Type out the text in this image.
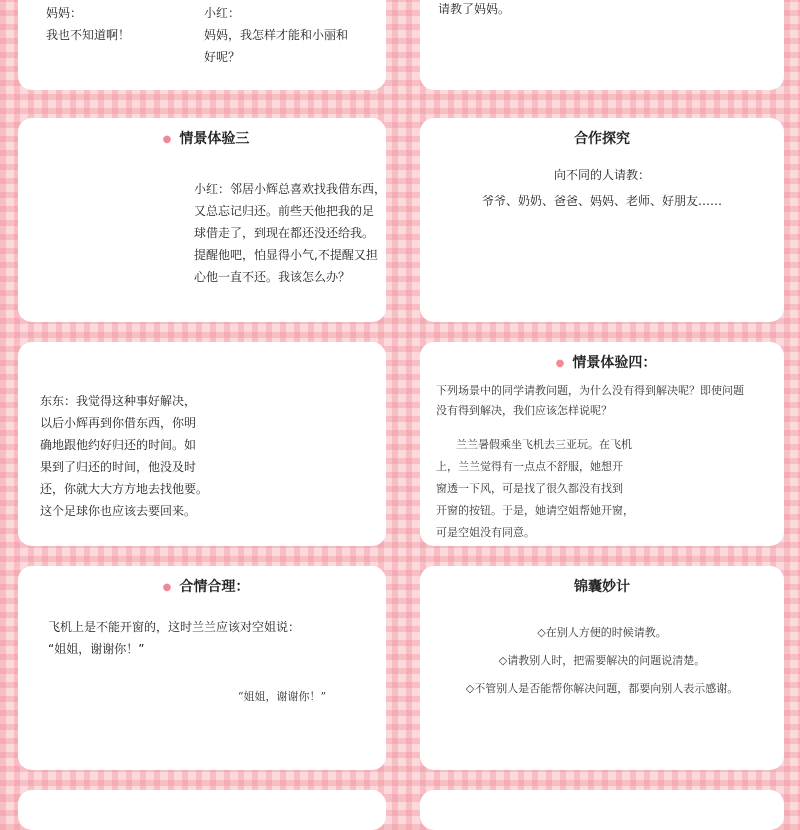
妈妈：
我也不知道啊！
小红：
妈妈，我怎样才能和小丽和
好呢？
请教了妈妈。
● 情景体验三
小红：邻居小辉总喜欢找我借东西，
又总忘记归还。前些天他把我的足
球借走了，到现在都还没还给我。
提醒他吧，怕显得小气,不提醒又担
心他一直不还。我该怎么办？
合作探究
向不同的人请教：
爷爷、奶奶、爸爸、妈妈、老师、好朋友……
东东：我觉得这种事好解决，
以后小辉再到你借东西，你明
确地跟他约好归还的时间。如
果到了归还的时间，他没及时
还，你就大大方方地去找他要。
这个足球你也应该去要回来。
● 情景体验四：
下列场景中的同学请教问题，为什么没有得到解决呢？即使问题
没有得到解决，我们应该怎样说呢？
兰兰暑假乘坐飞机去三亚玩。在飞机
上，兰兰觉得有一点点不舒服，她想开
窗透一下风，可是找了很久都没有找到
开窗的按钮。于是，她请空姐帮她开窗，
可是空姐没有同意。
● 合情合理：
飞机上是不能开窗的，这时兰兰应该对空姐说：
“姐姐，谢谢你！”
“姐姐，谢谢你！”
锦囊妙计
◇在别人方便的时候请教。
◇请教别人时，把需要解决的问题说清楚。
◇不管别人是否能帮你解决问题，都要向别人表示感谢。
